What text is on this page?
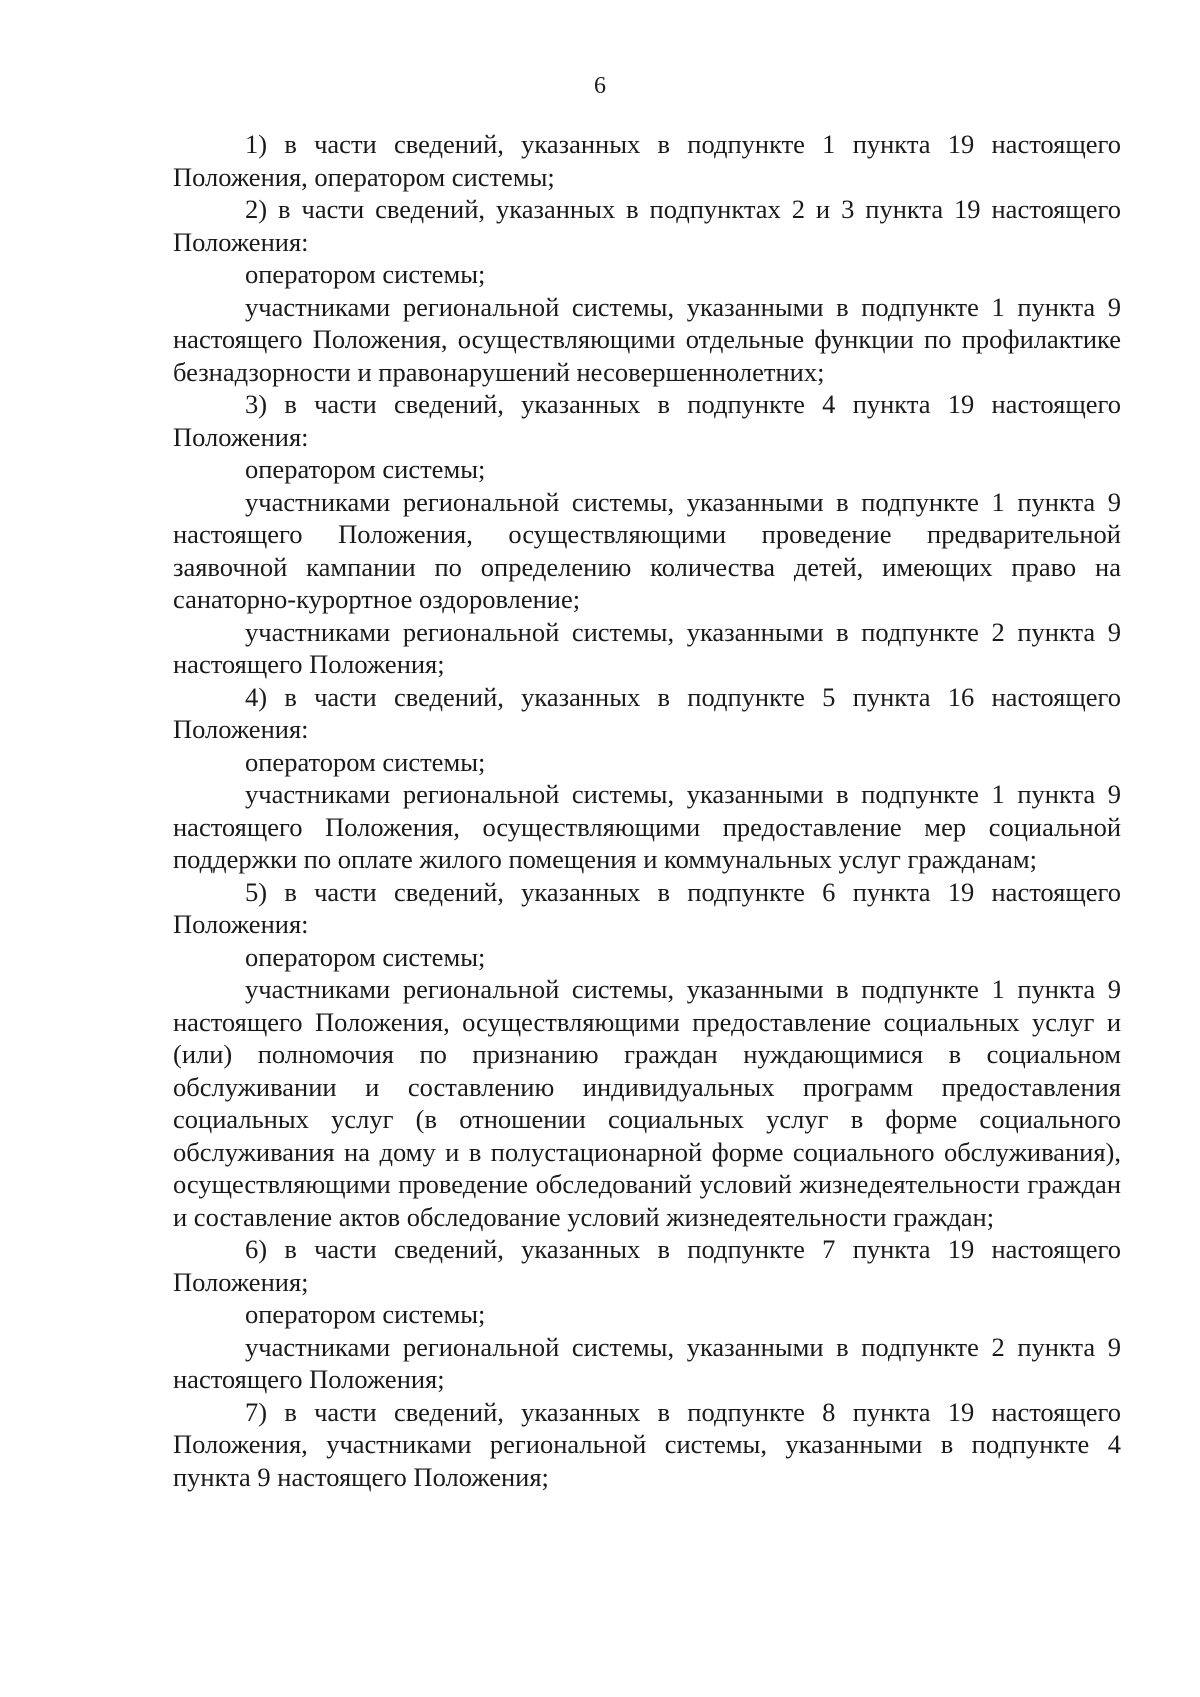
6

1) в части сведений, указанных в подпункте 1 пункта 19 настоящего Положения, оператором системы;

2) в части сведений, указанных в подпунктах 2 и 3 пункта 19 настоящего Положения:

оператором системы;

участниками региональной системы, указанными в подпункте 1 пункта 9 настоящего Положения, осуществляющими отдельные функции по профилактике безнадзорности и правонарушений несовершеннолетних;

3) в части сведений, указанных в подпункте 4 пункта 19 настоящего Положения:

оператором системы;

участниками региональной системы, указанными в подпункте 1 пункта 9 настоящего Положения, осуществляющими проведение предварительной заявочной кампании по определению количества детей, имеющих право на санаторно-курортное оздоровление;

участниками региональной системы, указанными в подпункте 2 пункта 9 настоящего Положения;

4) в части сведений, указанных в подпункте 5 пункта 16 настоящего Положения:

оператором системы;

участниками региональной системы, указанными в подпункте 1 пункта 9 настоящего Положения, осуществляющими предоставление мер социальной поддержки по оплате жилого помещения и коммунальных услуг гражданам;

5) в части сведений, указанных в подпункте 6 пункта 19 настоящего Положения:

оператором системы;

участниками региональной системы, указанными в подпункте 1 пункта 9 настоящего Положения, осуществляющими предоставление социальных услуг и (или) полномочия по признанию граждан нуждающимися в социальном обслуживании и составлению индивидуальных программ предоставления социальных услуг (в отношении социальных услуг в форме социального обслуживания на дому и в полустационарной форме социального обслуживания), осуществляющими проведение обследований условий жизнедеятельности граждан и составление актов обследование условий жизнедеятельности граждан;

6) в части сведений, указанных в подпункте 7 пункта 19 настоящего Положения;

оператором системы;

участниками региональной системы, указанными в подпункте 2 пункта 9 настоящего Положения;

7) в части сведений, указанных в подпункте 8 пункта 19 настоящего Положения, участниками региональной системы, указанными в подпункте 4 пункта 9 настоящего Положения;
